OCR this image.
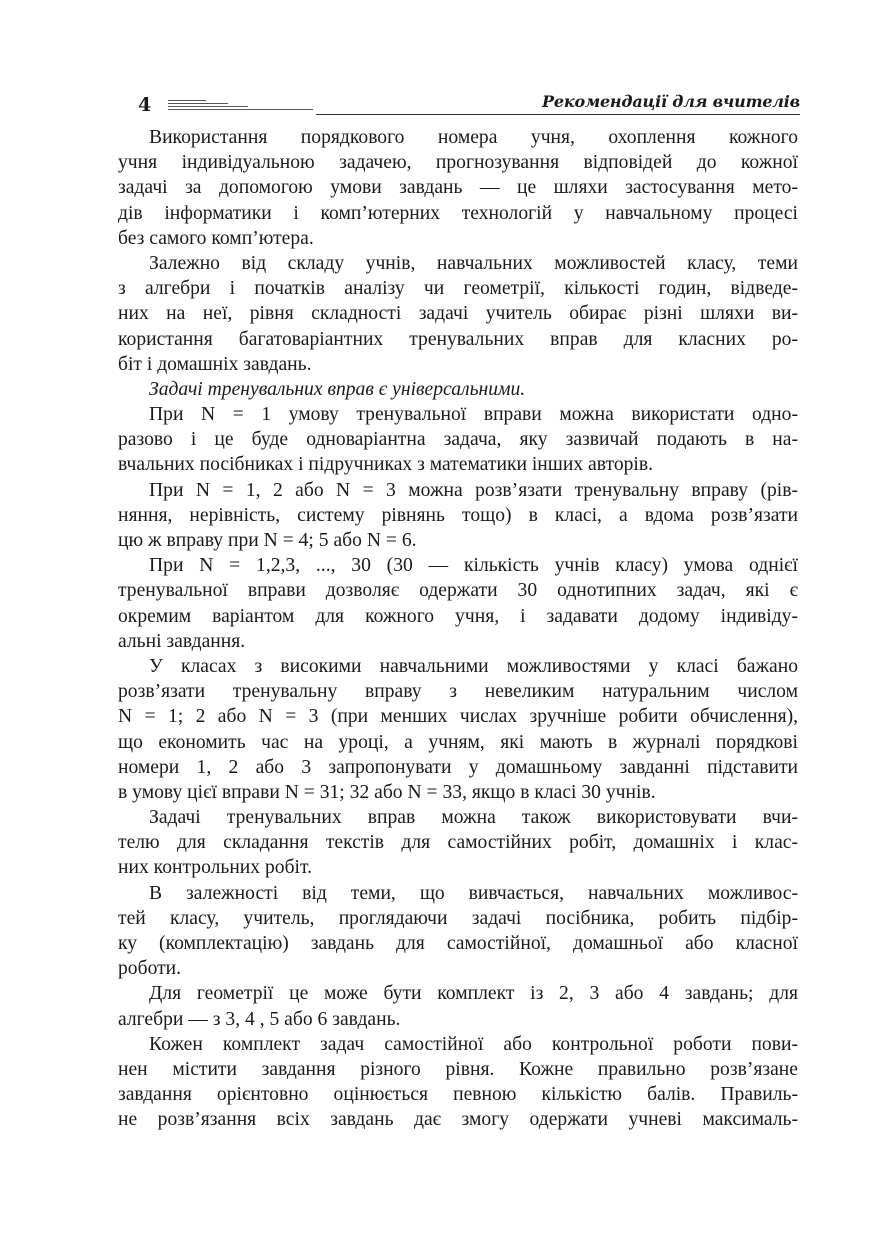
4	Рекомендації для вчителів
Використання порядкового номера учня, охоплення кожного
учня індивідуальною задачею, прогнозування відповідей до кожної
задачі за допомогою умови завдань — це шляхи застосування мето-
дів інформатики і комп’ютерних технологій у навчальному процесі
без самого комп’ютера.
Залежно від складу учнів, навчальних можливостей класу, теми
з алгебри і початків аналізу чи геометрії, кількості годин, відведе-
них на неї, рівня складності задачі учитель обирає різні шляхи ви-
користання багатоваріантних тренувальних вправ для класних ро-
біт і домашніх завдань.
Задачі тренувальних вправ є універсальними.
При N = 1 умову тренувальної вправи можна використати одно-
разово і це буде одноваріантна задача, яку зазвичай подають в на-
вчальних посібниках і підручниках з математики інших авторів.
При N = 1, 2 або N = 3 можна розв’язати тренувальну вправу (рів-
няння, нерівність, систему рівнянь тощо) в класі, а вдома розв’язати
цю ж вправу при N = 4; 5 або N = 6.
При N = 1,2,3, ..., 30 (30 — кількість учнів класу) умова однієї
тренувальної вправи дозволяє одержати 30 однотипних задач, які є
окремим варіантом для кожного учня, і задавати додому індивіду-
альні завдання.
У класах з високими навчальними можливостями у класі бажано
розв’язати тренувальну вправу з невеликим натуральним числом
N = 1; 2 або N = 3 (при менших числах зручніше робити обчислення),
що економить час на уроці, а учням, які мають в журналі порядкові
номери 1, 2 або 3 запропонувати у домашньому завданні підставити
в умову цієї вправи N = 31; 32 або N = 33, якщо в класі 30 учнів.
Задачі тренувальних вправ можна також використовувати вчи-
телю для складання текстів для самостійних робіт, домашніх і клас-
них контрольних робіт.
В залежності від теми, що вивчається, навчальних можливос-
тей класу, учитель, проглядаючи задачі посібника, робить підбір-
ку (комплектацію) завдань для самостійної, домашньої або класної
роботи.
Для геометрії це може бути комплект із 2, 3 або 4 завдань; для
алгебри — з 3, 4 , 5 або 6 завдань.
Кожен комплект задач самостійної або контрольної роботи пови-
нен містити завдання різного рівня. Кожне правильно розв’язане
завдання орієнтовно оцінюється певною кількістю балів. Правиль-
не розв’язання всіх завдань дає змогу одержати учневі максималь-
